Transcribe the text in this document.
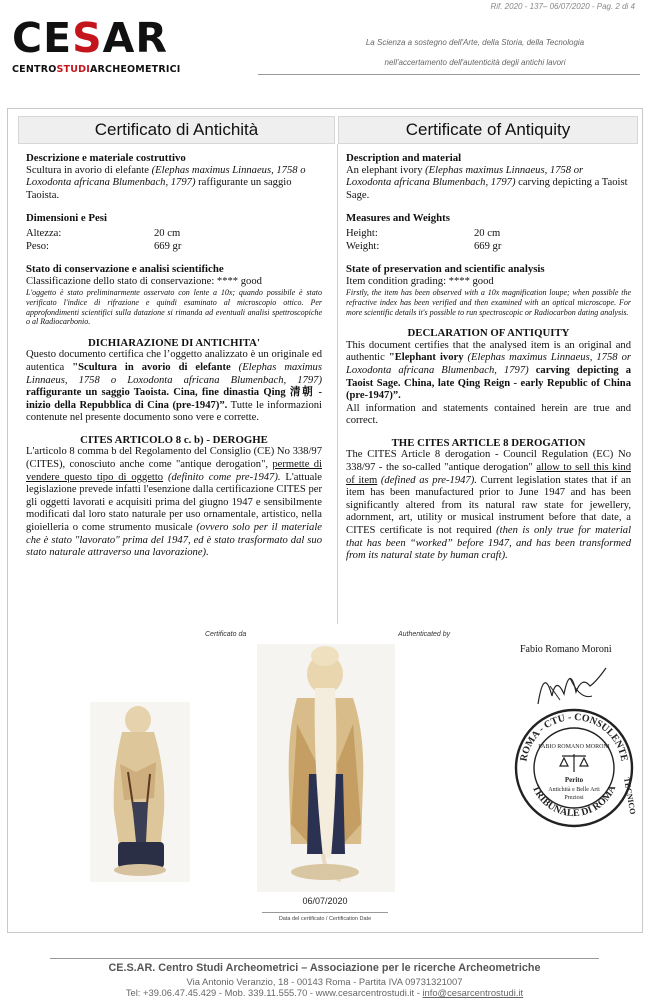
Rif. 2020 - 137– 06/07/2020 - Pag. 2 di 4
CESAR
CENTROSTUDIARCHEOMETRICI
La Scienza a sostegno dell'Arte, della Storia, della Tecnologia
nell'accertamento dell'autenticità degli antichi lavori
Certificato di Antichità	Certificate of Antiquity

Descrizione e materiale costruttivo

Scultura in avorio di elefante (Elephas maximus Linnaeus, 1758 o Loxodonta africana Blumenbach, 1797) raffigurante un saggio Taoista.

Dimensioni e Pesi

Altezza:	20 cm

Peso:	669 gr

Stato di conservazione e analisi scientifiche

Classificazione dello stato di conservazione: **** good

L'oggetto è stato preliminarmente osservato con lente a 10x; quando possibile è stato verificato l'indice di rifrazione e quindi esaminato al microscopio ottico. Per approfondimenti scientifici sulla datazione si rimanda ad eventuali analisi spettroscopiche o al Radiocarbonio.

DICHIARAZIONE DI ANTICHITA'

Questo documento certifica che l’oggetto analizzato è un originale ed autentica "Scultura in avorio di elefante (Elephas maximus Linnaeus, 1758 o Loxodonta africana Blumenbach, 1797) raffigurante un saggio Taoista. Cina, fine dinastia Qing 清朝 - inizio della Repubblica di Cina (pre-1947)”. Tutte le informazioni contenute nel presente documento sono vere e corrette.

CITES ARTICOLO 8 c. b) - DEROGHE

L'articolo 8 comma b del Regolamento del Consiglio (CE) No 338/97 (CITES), conosciuto anche come "antique derogation", permette di vendere questo tipo di oggetto (definito come pre-1947). L'attuale legislazione prevede infatti l'esenzione dalla certificazione CITES per gli oggetti lavorati e acquisiti prima del giugno 1947 e sensibilmente modificati dal loro stato naturale per uso ornamentale, artistico, nella gioielleria o come strumento musicale (ovvero solo per il materiale che è stato "lavorato" prima del 1947, ed è stato trasformato dal suo stato naturale attraverso una lavorazione).

Description and material

An elephant ivory (Elephas maximus Linnaeus, 1758 or Loxodonta africana Blumenbach, 1797) carving depicting a Taoist Sage.

Measures and Weights

Height:	20 cm

Weight:	669 gr

State of preservation and scientific analysis

Item condition grading: **** good

Firstly, the item has been observed with a 10x magnification loupe; when possible the refractive index has been verified and then examined with an optical microscope. For more scientific details it's possible to run spectroscopic or Radiocarbon dating analysis.

DECLARATION OF ANTIQUITY

This document certifies that the analysed item is an original and authentic "Elephant ivory (Elephas maximus Linnaeus, 1758 or Loxodonta africana Blumenbach, 1797) carving depicting a Taoist Sage. China, late Qing Reign - early Republic of China (pre-1947)”.

All information and statements contained herein are true and correct.

THE CITES ARTICLE 8 DEROGATION

The CITES Article 8 derogation - Council Regulation (EC) No 338/97 - the so-called "antique derogation" allow to sell this kind of item (defined as pre-1947). Current legislation states that if an item has been manufactured prior to June 1947 and has been significantly altered from its natural raw state for jewellery, adornment, art, utility or musical instrument before that date, a CITES certificate is not required (then is only true for material that has been “worked” before 1947, and has been transformed from its natural state by human craft).

Certificato da	Authenticated by
Fabio Romano Moroni
06/07/2020
Data del certificato / Certification Date
ROMA - CTU - CONSULENTE
TRIBUNALE DI ROMA
FABIO ROMANO MORONI
Perito
Antichità e Belle Arti
Preziosi	TECNICO
CE.S.AR. Centro Studi Archeometrici – Associazione per le ricerche Archeometriche
Via Antonio Veranzio, 18 - 00143 Roma - Partita IVA 09731321007
Tel: +39.06.47.45.429 - Mob. 339.11.555.70 - www.cesarcentrostudi.it - info@cesarcentrostudi.it
